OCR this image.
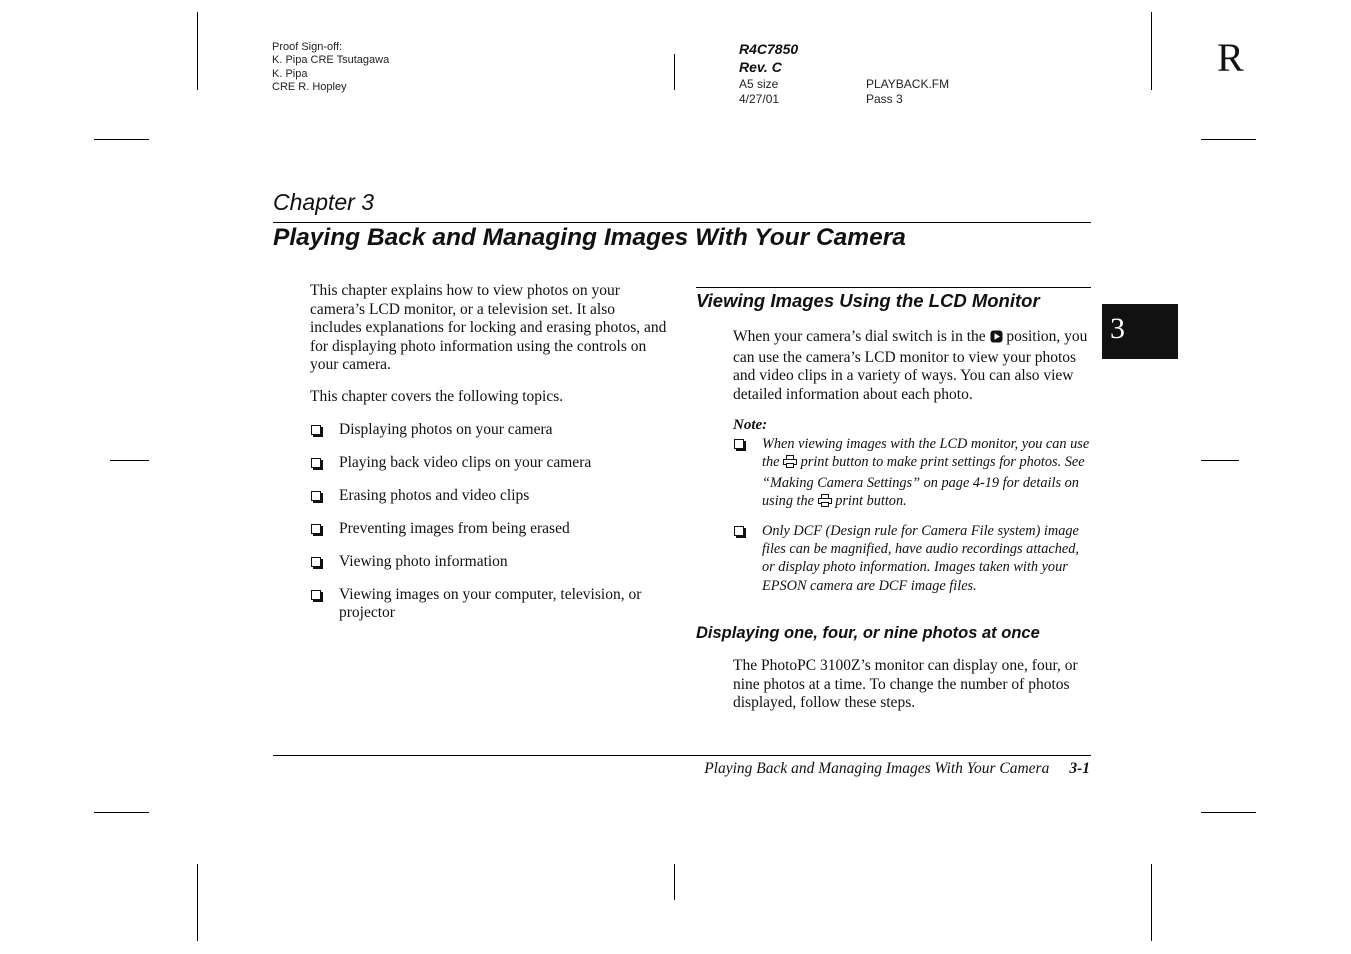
Proof Sign-off:
K. Pipa CRE Tsutagawa
K. Pipa
CRE R. Hopley
R4C7850
Rev. C
A5 size
4/27/01
PLAYBACK.FM
Pass 3
R
Chapter 3
Playing Back and Managing Images With Your Camera

This chapter explains how to view photos on your camera’s LCD monitor, or a television set. It also includes explanations for locking and erasing photos, and for displaying photo information using the controls on your camera.

This chapter covers the following topics.

Displaying photos on your camera
Playing back video clips on your camera
Erasing photos and video clips
Preventing images from being erased
Viewing photo information
Viewing images on your computer, television, or projector
Viewing Images Using the LCD Monitor

When your camera’s dial switch is in the position, you can use the camera’s LCD monitor to view your photos and video clips in a variety of ways. You can also view detailed information about each photo.

Note:
When viewing images with the LCD monitor, you can use the print button to make print settings for photos. See “Making Camera Settings” on page 4-19 for details on using the print button.
Only DCF (Design rule for Camera File system) image files can be magnified, have audio recordings attached, or display photo information. Images taken with your EPSON camera are DCF image files.
Displaying one, four, or nine photos at once

The PhotoPC 3100Z’s monitor can display one, four, or nine photos at a time. To change the number of photos displayed, follow these steps.

3
Playing Back and Managing Images With Your Camera 3-1
